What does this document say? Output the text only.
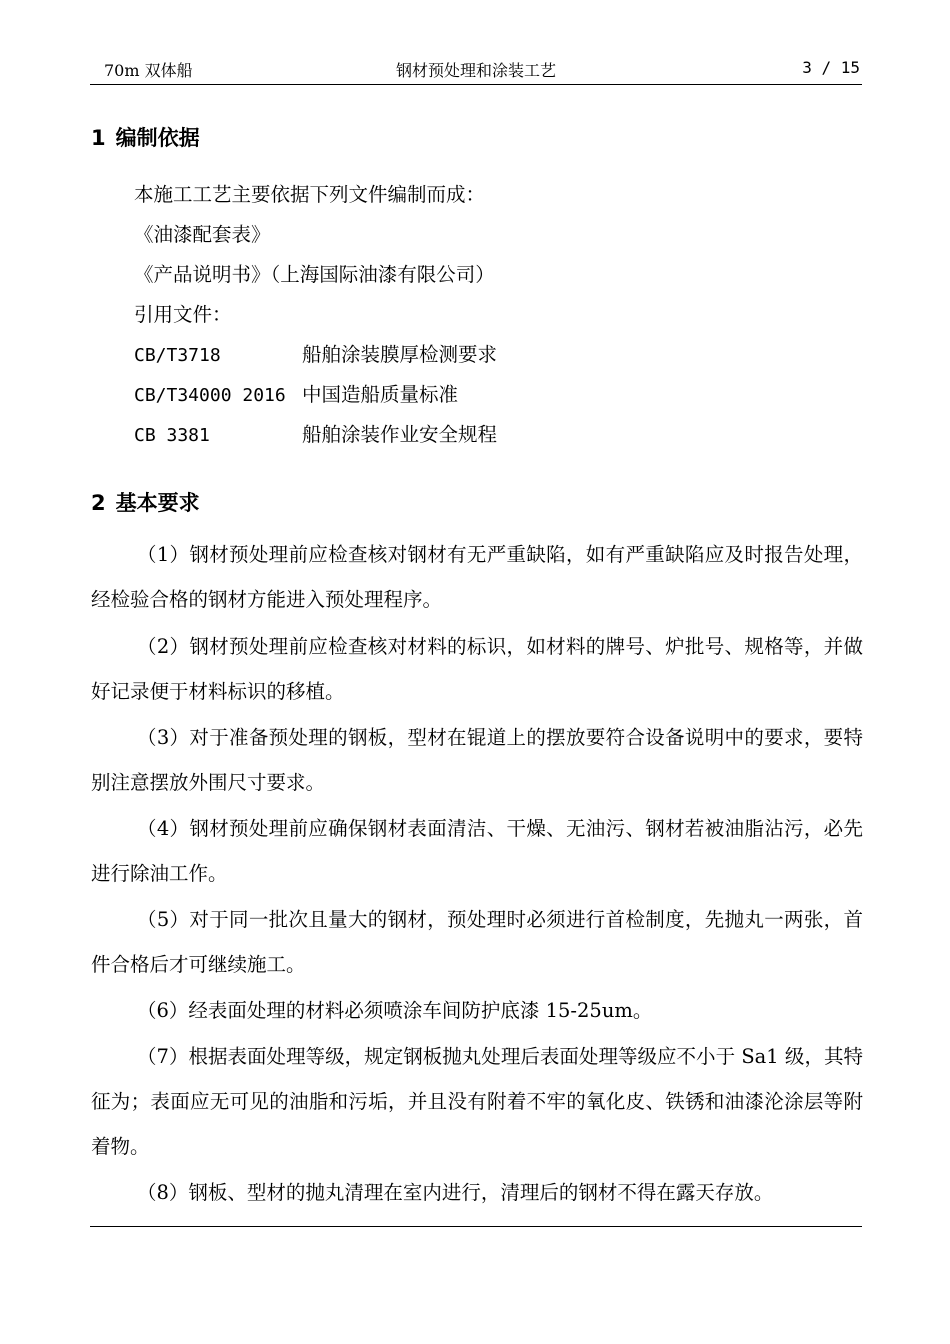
70m 双体船	钢材预处理和涂装工艺	3 / 15
1 编制依据
本施工工艺主要依据下列文件编制而成：
《油漆配套表》
《产品说明书》（上海国际油漆有限公司）
引用文件：
CB/T3718	船舶涂装膜厚检测要求
CB/T34000 2016 中国造船质量标准
CB 3381	船舶涂装作业安全规程
2 基本要求
（1）钢材预处理前应检查核对钢材有无严重缺陷，如有严重缺陷应及时报告处理，经检验合格的钢材方能进入预处理程序。
（2）钢材预处理前应检查核对材料的标识，如材料的牌号、炉批号、规格等，并做好记录便于材料标识的移植。
（3）对于准备预处理的钢板，型材在锟道上的摆放要符合设备说明中的要求，要特别注意摆放外围尺寸要求。
（4）钢材预处理前应确保钢材表面清洁、干燥、无油污、钢材若被油脂沾污，必先进行除油工作。
（5）对于同一批次且量大的钢材，预处理时必须进行首检制度，先抛丸一两张，首件合格后才可继续施工。
（6）经表面处理的材料必须喷涂车间防护底漆 15-25um。
（7）根据表面处理等级，规定钢板抛丸处理后表面处理等级应不小于 Sa1 级，其特征为；表面应无可见的油脂和污垢，并且没有附着不牢的氧化皮、铁锈和油漆沦涂层等附着物。
（8）钢板、型材的抛丸清理在室内进行，清理后的钢材不得在露天存放。
